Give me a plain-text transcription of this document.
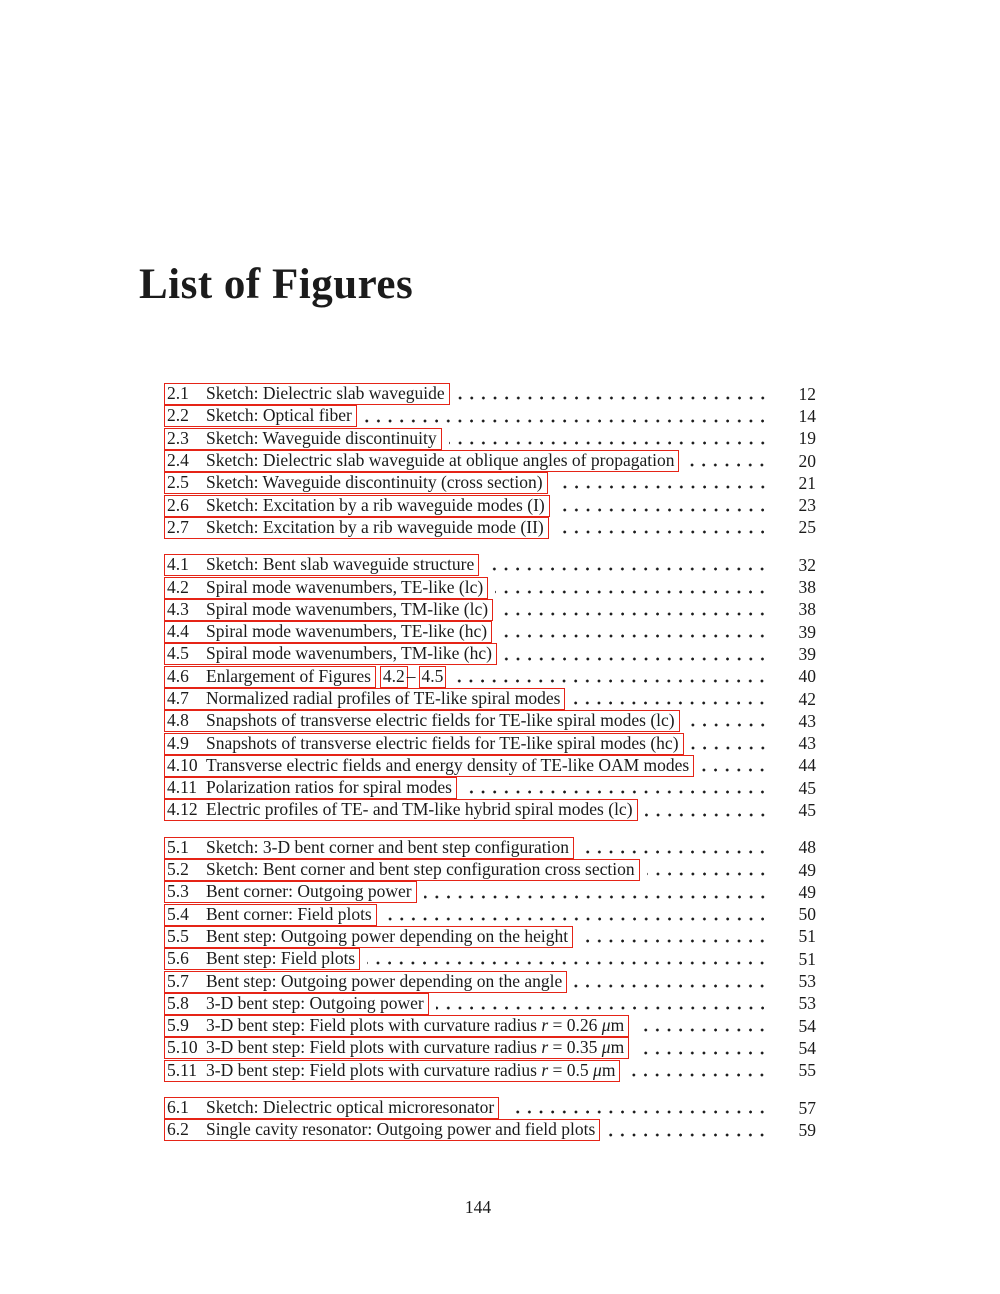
List of Figures
2.1 Sketch: Dielectric slab waveguide	12
2.2 Sketch: Optical fiber	14
2.3 Sketch: Waveguide discontinuity	19
2.4 Sketch: Dielectric slab waveguide at oblique angles of propagation	20
2.5 Sketch: Waveguide discontinuity (cross section)	21
2.6 Sketch: Excitation by a rib waveguide modes (I)	23
2.7 Sketch: Excitation by a rib waveguide mode (II)	25
4.1 Sketch: Bent slab waveguide structure	32
4.2 Spiral mode wavenumbers, TE-like (lc)	38
4.3 Spiral mode wavenumbers, TM-like (lc)	38
4.4 Spiral mode wavenumbers, TE-like (hc)	39
4.5 Spiral mode wavenumbers, TM-like (hc)	39
4.6 Enlargement of Figures 4.2 – 4.5	40
4.7 Normalized radial profiles of TE-like spiral modes	42
4.8 Snapshots of transverse electric fields for TE-like spiral modes (lc)	43
4.9 Snapshots of transverse electric fields for TE-like spiral modes (hc)	43
4.10 Transverse electric fields and energy density of TE-like OAM modes	44
4.11 Polarization ratios for spiral modes	45
4.12 Electric profiles of TE- and TM-like hybrid spiral modes (lc)	45
5.1 Sketch: 3-D bent corner and bent step configuration	48
5.2 Sketch: Bent corner and bent step configuration cross section	49
5.3 Bent corner: Outgoing power	49
5.4 Bent corner: Field plots	50
5.5 Bent step: Outgoing power depending on the height	51
5.6 Bent step: Field plots	51
5.7 Bent step: Outgoing power depending on the angle	53
5.8 3-D bent step: Outgoing power	53
5.9 3-D bent step: Field plots with curvature radius r = 0.26 μm	54
5.10 3-D bent step: Field plots with curvature radius r = 0.35 μm	54
5.11 3-D bent step: Field plots with curvature radius r = 0.5 μm	55
6.1 Sketch: Dielectric optical microresonator	57
6.2 Single cavity resonator: Outgoing power and field plots	59
144
